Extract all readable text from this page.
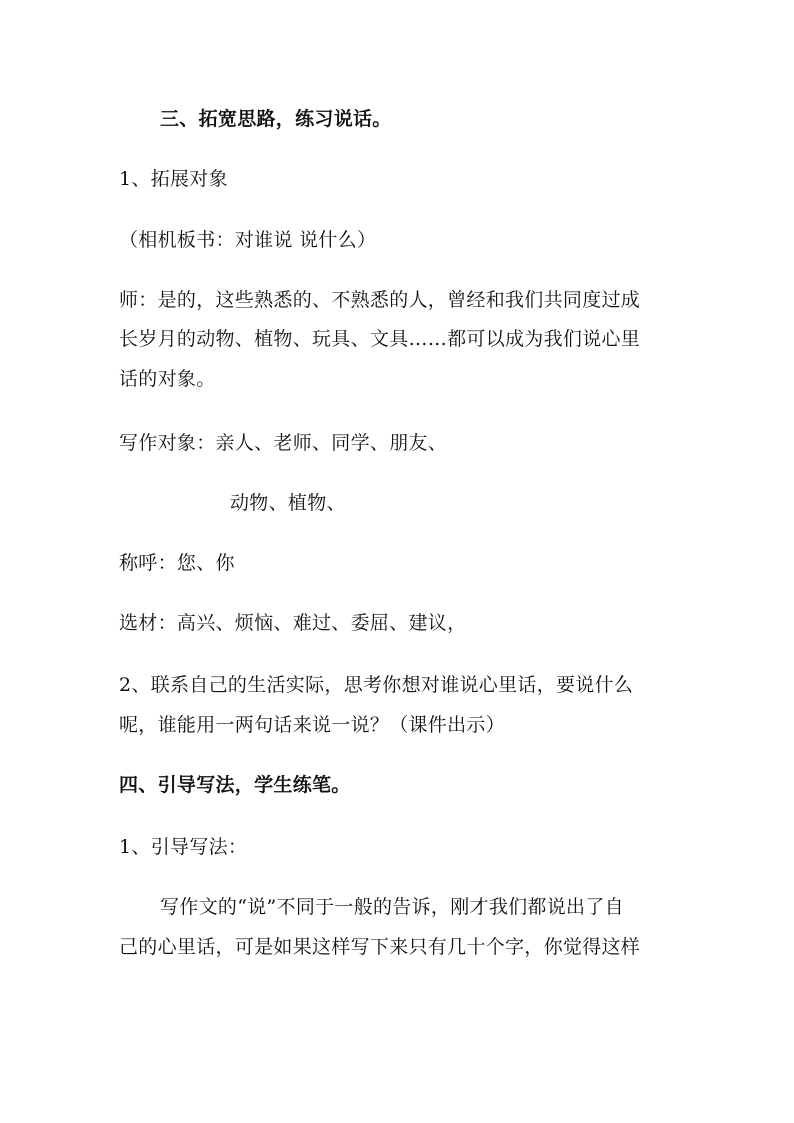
三、拓宽思路，练习说话。
1、拓展对象
（相机板书：对谁说 说什么）
师：是的，这些熟悉的、不熟悉的人，曾经和我们共同度过成
长岁月的动物、植物、玩具、文具……都可以成为我们说心里
话的对象。
写作对象：亲人、老师、同学、朋友、
动物、植物、
称呼：您、你
选材：高兴、烦恼、难过、委屈、建议，
2、联系自己的生活实际，思考你想对谁说心里话，要说什么
呢，谁能用一两句话来说一说？（课件出示）
四、引导写法，学生练笔。
1、引导写法：
写作文的“说”不同于一般的告诉，刚才我们都说出了自
己的心里话，可是如果这样写下来只有几十个字，你觉得这样
